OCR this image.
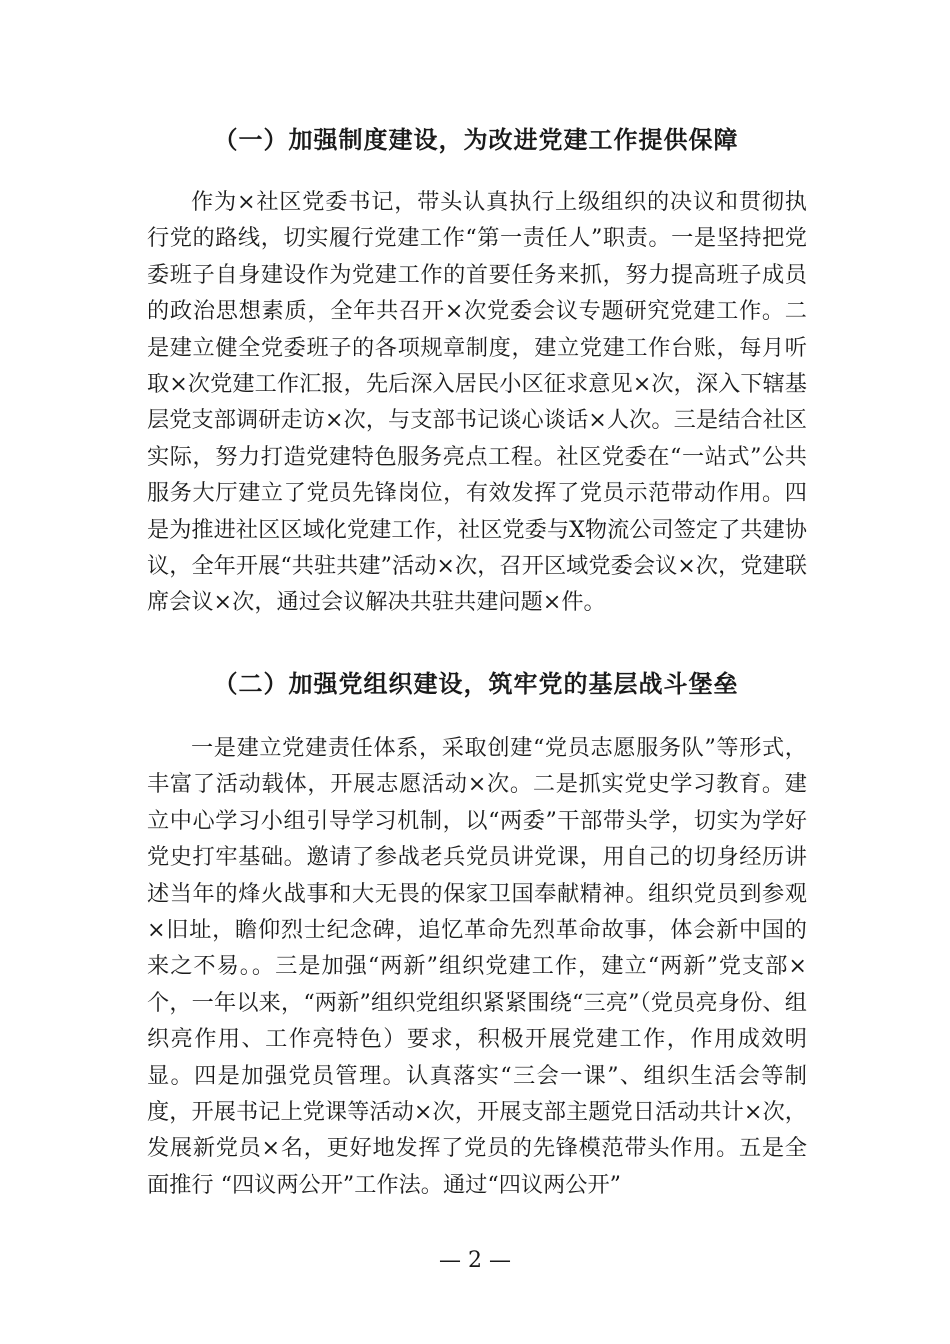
（一）加强制度建设，为改进党建工作提供保障

作为×社区党委书记，带头认真执行上级组织的决议和贯彻执行党的路线，切实履行党建工作“第一责任人”职责。一是坚持把党委班子自身建设作为党建工作的首要任务来抓，努力提高班子成员的政治思想素质，全年共召开×次党委会议专题研究党建工作。二是建立健全党委班子的各项规章制度，建立党建工作台账，每月听取×次党建工作汇报，先后深入居民小区征求意见×次，深入下辖基层党支部调研走访×次，与支部书记谈心谈话×人次。三是结合社区实际，努力打造党建特色服务亮点工程。社区党委在“一站式”公共服务大厅建立了党员先锋岗位，有效发挥了党员示范带动作用。四是为推进社区区域化党建工作，社区党委与X物流公司签定了共建协议，全年开展“共驻共建”活动×次，召开区域党委会议×次，党建联席会议×次，通过会议解决共驻共建问题×件。

（二）加强党组织建设，筑牢党的基层战斗堡垒

一是建立党建责任体系，采取创建“党员志愿服务队”等形式，丰富了活动载体，开展志愿活动×次。二是抓实党史学习教育。建立中心学习小组引导学习机制，以“两委”干部带头学，切实为学好党史打牢基础。邀请了参战老兵党员讲党课，用自己的切身经历讲述当年的烽火战事和大无畏的保家卫国奉献精神。组织党员到参观×旧址，瞻仰烈士纪念碑，追忆革命先烈革命故事，体会新中国的来之不易。。三是加强“两新”组织党建工作，建立“两新”党支部×个，一年以来，“两新”组织党组织紧紧围绕“三亮”（党员亮身份、组织亮作用、工作亮特色）要求，积极开展党建工作，作用成效明显。四是加强党员管理。认真落实“三会一课”、组织生活会等制度，开展书记上党课等活动×次，开展支部主题党日活动共计×次，发展新党员×名，更好地发挥了党员的先锋模范带头作用。五是全面推行 “四议两公开”工作法。通过“四议两公开”

— 2 —
